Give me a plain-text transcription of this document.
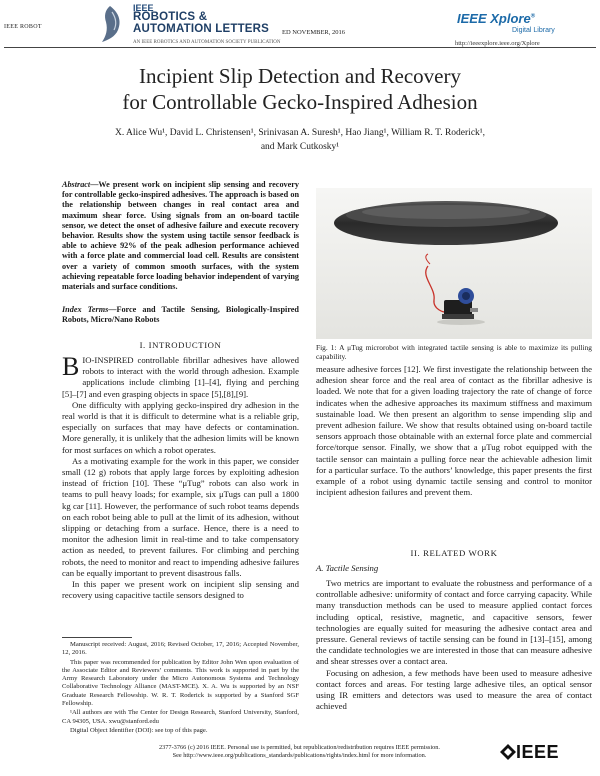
IEEE ROBOT
IEEE
ROBOTICS &
AUTOMATION LETTERS ED NOVEMBER, 2016
AN IEEE ROBOTICS AND AUTOMATION SOCIETY PUBLICATION
IEEE Xplore®
Digital Library
http://ieeexplore.ieee.org/Xplore
Incipient Slip Detection and Recovery
for Controllable Gecko-Inspired Adhesion
X. Alice Wu¹, David L. Christensen¹, Srinivasan A. Suresh¹, Hao Jiang¹, William R. T. Roderick¹,
and Mark Cutkosky¹
Abstract—We present work on incipient slip sensing and recovery for controllable gecko-inspired adhesives. The approach is based on the relationship between changes in real contact area and maximum shear force. Using signals from an on-board tactile sensor, we detect the onset of adhesive failure and execute recovery behavior. Results show the system using tactile sensor feedback is able to achieve 92% of the peak adhesion performance achieved with a force plate and commercial load cell. Results are consistent over a variety of common smooth surfaces, with the system achieving repeatable force loading behavior independent of varying materials and surface conditions.
Index Terms—Force and Tactile Sensing, Biologically-Inspired Robots, Micro/Nano Robots
I. INTRODUCTION

BIO-INSPIRED controllable fibrillar adhesives have allowed robots to interact with the world through adhesion. Example applications include climbing [1]–[4], flying and perching [5]–[7] and even grasping objects in space [5],[8],[9].

One difficulty with applying gecko-inspired dry adhesion in the real world is that it is difficult to determine what is a reliable grip, especially on surfaces that may have defects or contamination. More generally, it is unlikely that the adhesion limits will be known for most surfaces on which a robot operates.

As a motivating example for the work in this paper, we consider small (12 g) robots that apply large forces by exploiting adhesion instead of friction [10]. These “μTug” robots can also work in teams to pull heavy loads; for example, six μTugs can pull a 1800 kg car [11]. However, the performance of such robot teams depends on each robot being able to pull at the limit of its adhesion, without slipping or detaching from a surface. Hence, there is a need to monitor the adhesion limit in real-time and to take compensatory action as needed, to prevent failures. For climbing and perching robots, the need to monitor and react to impending adhesive failures can be equally important to prevent disastrous falls.

In this paper we present work on incipient slip sensing and recovery using capacitive tactile sensors designed to

Manuscript received: August, 2016; Revised October, 17, 2016; Accepted November, 12, 2016.

This paper was recommended for publication by Editor John Wen upon evaluation of the Associate Editor and Reviewers’ comments. This work is supported in part by the Army Research Laboratory under the Micro Autonomous Systems and Technology Collaborative Technology Alliance (MAST-MCE). X. A. Wu is supported by an NSF Graduate Research Fellowship. W. R. T. Roderick is supported by a Stanford SGF Fellowship.

¹All authors are with The Center for Design Research, Stanford University, Stanford, CA 94305, USA. xwu@stanford.edu

Digital Object Identifier (DOI): see top of this page.

2377-3766 (c) 2016 IEEE. Personal use is permitted, but republication/redistribution requires IEEE permission.
See http://www.ieee.org/publications_standards/publications/rights/index.html for more information.	IEEE
Fig. 1: A μTug microrobot with integrated tactile sensing is able to maximize its pulling capability.

measure adhesive forces [12]. We first investigate the relationship between the adhesion shear force and the real area of contact as the fibrillar adhesive is loaded. We note that for a given loading trajectory the rate of change of force indicates when the adhesive approaches its maximum stiffness and maximum sustainable load. We then present an algorithm to sense impending slip and prevent adhesion failure. We show that results obtained using on-board tactile sensors approach those obtainable with an external force plate and commercial force/torque sensor. Finally, we show that a μTug robot equipped with the tactile sensor can maintain a pulling force near the achievable adhesion limit for a particular surface. To the authors’ knowledge, this paper presents the first example of a robot using dynamic tactile sensing and control to monitor incipient adhesion failures and prevent them.

II. RELATED WORK
A. Tactile Sensing

Two metrics are important to evaluate the robustness and performance of a controllable adhesive: uniformity of contact and force carrying capacity. While many transduction methods can be used to measure applied contact forces including optical, resistive, magnetic, and capacitive sensors, fewer technologies are equally suited for measuring the adhesive contact area and pressure. General reviews of tactile sensing can be found in [13]–[15], among the candidate technologies we are interested in those that can measure adhesive and shear stresses over a contact area.

Focusing on adhesion, a few methods have been used to measure adhesive contact forces and areas. For testing large adhesive tiles, an optical sensor using IR emitters and detectors was used to measure the area of contact achieved
